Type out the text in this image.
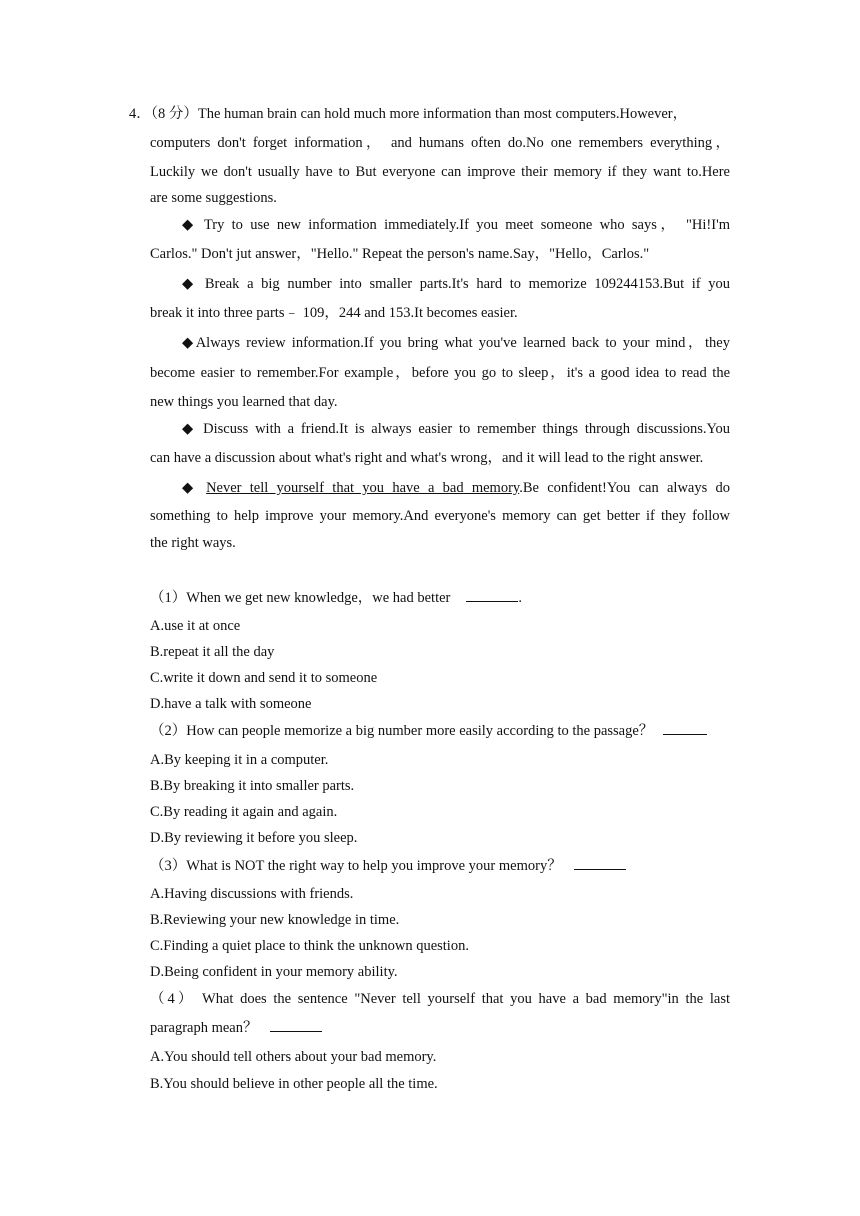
4．（8 分）The human brain can hold much more information than most computers.However，
computers don't forget information， and humans often do.No one remembers everything，
Luckily we don't usually have to But everyone can improve their memory if they want to.Here
are some suggestions.
◆ Try to use new information immediately.If you meet someone who says， "Hi!I'm
Carlos." Don't jut answer，"Hello." Repeat the person's name.Say，"Hello，Carlos."
◆ Break a big number into smaller parts.It's hard to memorize 109244153.But if you
break it into three parts﹣ 109，244 and 153.It becomes easier.
◆Always review information.If you bring what you've learned back to your mind，they
become easier to remember.For example，before you go to sleep，it's a good idea to read the
new things you learned that day.
◆ Discuss with a friend.It is always easier to remember things through discussions.You
can have a discussion about what's right and what's wrong，and it will lead to the right answer.
◆ Never tell yourself that you have a bad memory.Be confident!You can always do
something to help improve your memory.And everyone's memory can get better if they follow
the right ways.
（1）When we get new knowledge，we had better	.
A.use it at once
B.repeat it all the day
C.write it down and send it to someone
D.have a talk with someone
（2）How can people memorize a big number more easily according to the passage？
A.By keeping it in a computer.
B.By breaking it into smaller parts.
C.By reading it again and again.
D.By reviewing it before you sleep.
（3）What is NOT the right way to help you improve your memory？
A.Having discussions with friends.
B.Reviewing your new knowledge in time.
C.Finding a quiet place to think the unknown question.
D.Being confident in your memory ability.
（4） What does the sentence "Never tell yourself that you have a bad memory"in the last
paragraph mean？
A.You should tell others about your bad memory.
B.You should believe in other people all the time.
